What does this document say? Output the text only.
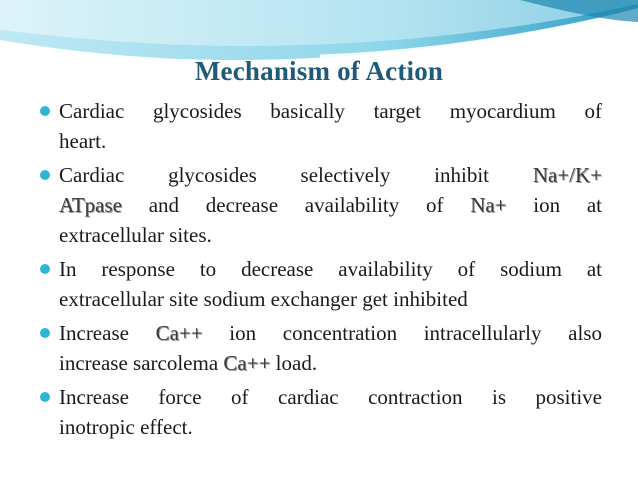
Mechanism of Action
Cardiac glycosides basically target myocardium of
heart.
Cardiac glycosides selectively inhibit Na+/K+
ATpase and decrease availability of Na+ ion at
extracellular sites.
In response to decrease availability of sodium at
extracellular site sodium exchanger get inhibited
Increase Ca++ ion concentration intracellularly also
increase sarcolema Ca++ load.
Increase force of cardiac contraction is positive
inotropic effect.
